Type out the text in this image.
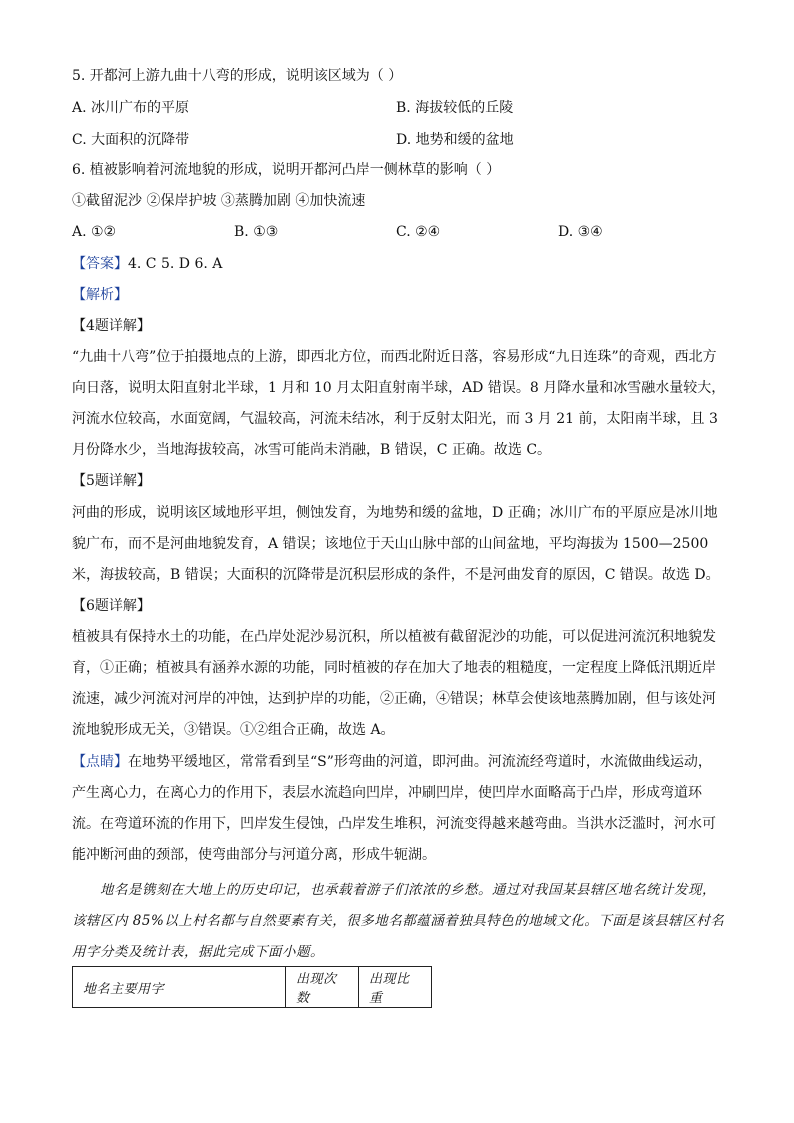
5. 开都河上游九曲十八弯的形成，说明该区域为（ ）
A. 冰川广布的平原	B. 海拔较低的丘陵
C. 大面积的沉降带	D. 地势和缓的盆地
6. 植被影响着河流地貌的形成，说明开都河凸岸一侧林草的影响（ ）
①截留泥沙 ②保岸护坡 ③蒸腾加剧 ④加快流速
A. ①②	B. ①③	C. ②④	D. ③④
【答案】4. C 5. D 6. A
【解析】
【4题详解】
“九曲十八弯”位于拍摄地点的上游，即西北方位，而西北附近日落，容易形成“九日连珠”的奇观，西北方
向日落，说明太阳直射北半球，1 月和 10 月太阳直射南半球，AD 错误。8 月降水量和冰雪融水量较大，
河流水位较高，水面宽阔，气温较高，河流未结冰，利于反射太阳光，而 3 月 21 前，太阳南半球，且 3
月份降水少，当地海拔较高，冰雪可能尚未消融，B 错误，C 正确。故选 C。
【5题详解】
河曲的形成，说明该区域地形平坦，侧蚀发育，为地势和缓的盆地，D 正确；冰川广布的平原应是冰川地
貌广布，而不是河曲地貌发育，A 错误；该地位于天山山脉中部的山间盆地，平均海拔为 1500—2500
米，海拔较高，B 错误；大面积的沉降带是沉积层形成的条件，不是河曲发育的原因，C 错误。故选 D。
【6题详解】
植被具有保持水土的功能，在凸岸处泥沙易沉积，所以植被有截留泥沙的功能，可以促进河流沉积地貌发
育，①正确；植被具有涵养水源的功能，同时植被的存在加大了地表的粗糙度，一定程度上降低汛期近岸
流速，减少河流对河岸的冲蚀，达到护岸的功能，②正确，④错误；林草会使该地蒸腾加剧，但与该处河
流地貌形成无关，③错误。①②组合正确，故选 A。
【点睛】在地势平缓地区，常常看到呈“S”形弯曲的河道，即河曲。河流流经弯道时，水流做曲线运动，
产生离心力，在离心力的作用下，表层水流趋向凹岸，冲刷凹岸，使凹岸水面略高于凸岸，形成弯道环
流。在弯道环流的作用下，凹岸发生侵蚀，凸岸发生堆积，河流变得越来越弯曲。当洪水泛滥时，河水可
能冲断河曲的颈部，使弯曲部分与河道分离，形成牛轭湖。
地名是镌刻在大地上的历史印记，也承载着游子们浓浓的乡愁。通过对我国某县辖区地名统计发现，
该辖区内 85%以上村名都与自然要素有关，很多地名都蕴涵着独具特色的地域文化。下面是该县辖区村名
用字分类及统计表，据此完成下面小题。
地名主要用字	出现次数	出现比重
